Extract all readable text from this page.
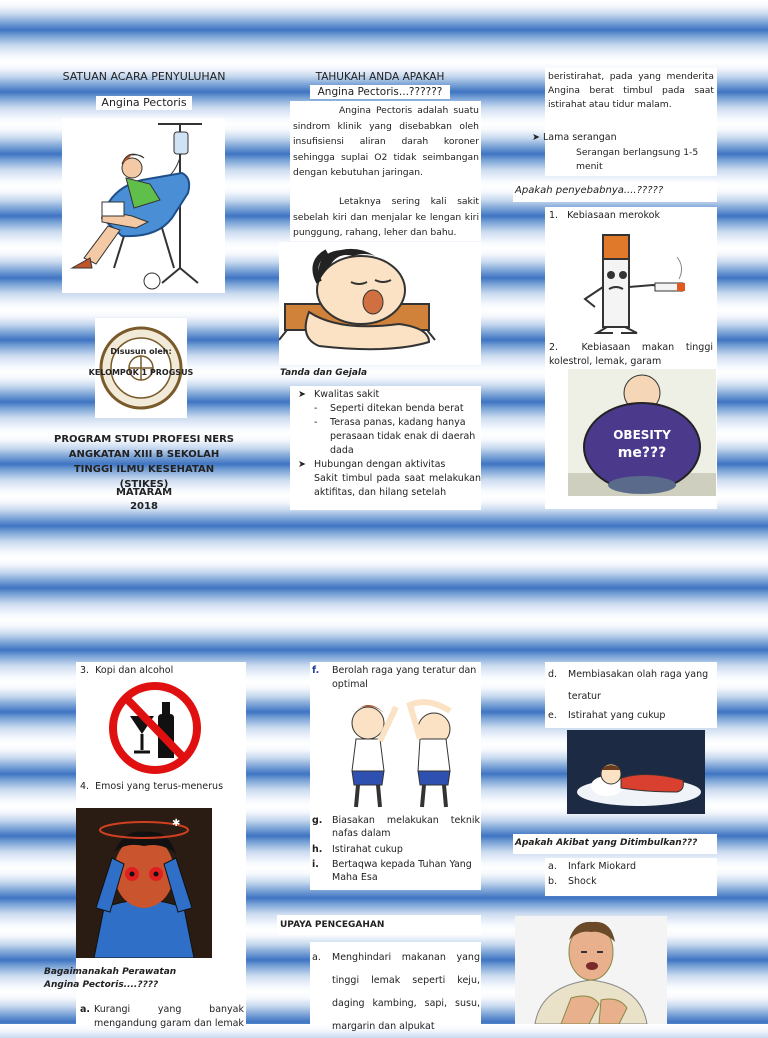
SATUAN ACARA PENYULUHAN
Angina Pectoris
Disusun oleh:
KELOMPOK 1 PROGSUS
PROGRAM STUDI PROFESI NERS ANGKATAN XIII B SEKOLAH TINGGI ILMU KESEHATAN (STIKES)
MATARAM
2018
TAHUKAH ANDA APAKAH
Angina Pectoris...??????
Angina Pectoris adalah suatu sindrom klinik yang disebabkan oleh insufisiensi aliran darah koroner sehingga suplai O2 tidak seimbangan dengan kebutuhan jaringan.
Letaknya sering kali sakit sebelah kiri dan menjalar ke lengan kiri punggung, rahang, leher dan bahu.
Tanda dan Gejala
➤ Kwalitas sakit
- Seperti ditekan benda berat
- Terasa panas, kadang hanya perasaan tidak enak di daerah dada
➤ Hubungan dengan aktivitas
Sakit timbul pada saat melakukan aktifitas, dan hilang setelah
beristirahat, pada yang menderita Angina berat timbul pada saat istirahat atau tidur malam.
➤ Lama serangan
Serangan berlangsung 1-5 menit
Apakah penyebabnya....?????
1. Kebiasaan merokok
2. Kebiasaan makan tinggi kolestrol, lemak, garam
OBESITY
me???
3. Kopi dan alcohol
4. Emosi yang terus-menerus
✱
Bagaimanakah Perawatan Angina Pectoris....????
a. Kurangi yang banyak mengandung garam dan lemak
f. Berolah raga yang teratur dan optimal
g. Biasakan melakukan teknik nafas dalam
h. Istirahat cukup
i. Bertaqwa kepada Tuhan Yang Maha Esa
UPAYA PENCEGAHAN
a. Menghindari makanan yang tinggi lemak seperti keju, daging kambing, sapi, susu, margarin dan alpukat
d. Membiasakan olah raga yang teratur
e. Istirahat yang cukup
Apakah Akibat yang Ditimbulkan???
a. Infark Miokard
b. Shock
